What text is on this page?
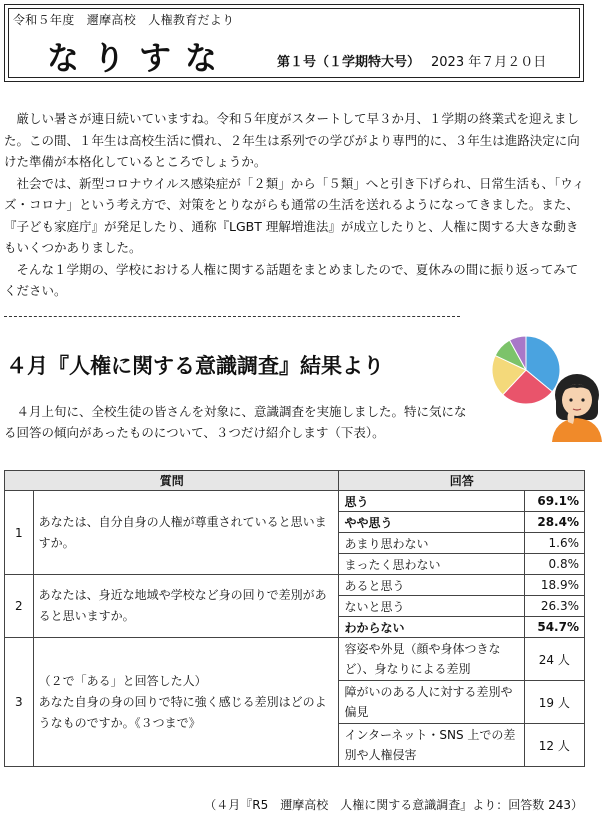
令和５年度　邇摩高校　人権教育だより
なりすな	第１号（１学期特大号） 2023 年７月２０日

厳しい暑さが連日続いていますね。令和５年度がスタートして早３か月、１学期の終業式を迎えました。この間、１年生は高校生活に慣れ、２年生は系列での学びがより専門的に、３年生は進路決定に向けた準備が本格化しているところでしょうか。

社会では、新型コロナウイルス感染症が「２類」から「５類」へと引き下げられ、日常生活も、「ウィズ・コロナ」という考え方で、対策をとりながらも通常の生活を送れるようになってきました。また、『子ども家庭庁』が発足したり、通称『LGBT 理解増進法』が成立したりと、人権に関する大きな動きもいくつかありました。

そんな１学期の、学校における人権に関する話題をまとめましたので、夏休みの間に振り返ってみてください。

４月『人権に関する意識調査』結果より

４月上旬に、全校生徒の皆さんを対象に、意識調査を実施しました。特に気になる回答の傾向があったものについて、３つだけ紹介します（下表）。

質問		回答	
1	あなたは、自分自身の人権が尊重されていると思いますか。	思う	69.1%
		やや思う	28.4%
		あまり思わない	1.6%
		まったく思わない	0.8%
2	あなたは、身近な地域や学校など身の回りで差別があると思いますか。	あると思う	18.9%
		ないと思う	26.3%
		わからない	54.7%
3	（２で「ある」と回答した人）
あなた自身の身の回りで特に強く感じる差別はどのようなものですか。《３つまで》	容姿や外見（顔や身体つきなど）、身なりによる差別	24 人
		障がいのある人に対する差別や偏見	19 人
		インターネット・SNS 上での差別や人権侵害	12 人
（４月『R5　邇摩高校　人権に関する意識調査』より：回答数 243）
